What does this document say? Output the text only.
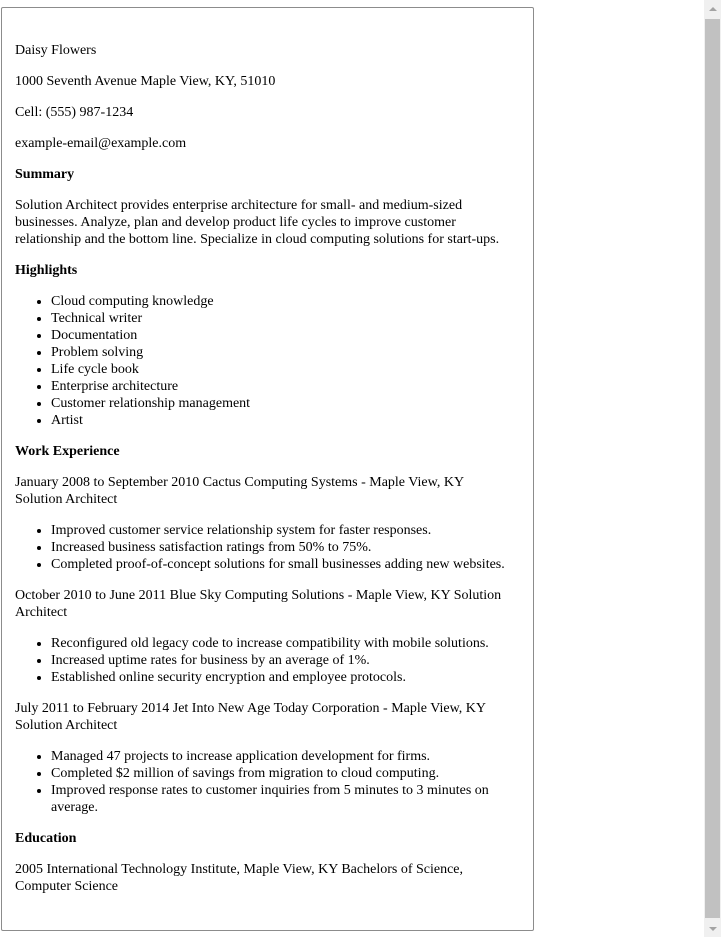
Daisy Flowers

1000 Seventh Avenue Maple View, KY, 51010

Cell: (555) 987-1234

example-email@example.com

Summary

Solution Architect provides enterprise architecture for small- and medium-sized businesses. Analyze, plan and develop product life cycles to improve customer relationship and the bottom line. Specialize in cloud computing solutions for start-ups.

Highlights
• Cloud computing knowledge
• Technical writer
• Documentation
• Problem solving
• Life cycle book
• Enterprise architecture
• Customer relationship management
• Artist
Work Experience
January 2008 to September 2010 Cactus Computing Systems - Maple View, KY
Solution Architect
• Improved customer service relationship system for faster responses.
• Increased business satisfaction ratings from 50% to 75%.
• Completed proof-of-concept solutions for small businesses adding new websites.
October 2010 to June 2011 Blue Sky Computing Solutions - Maple View, KY Solution Architect
• Reconfigured old legacy code to increase compatibility with mobile solutions.
• Increased uptime rates for business by an average of 1%.
• Established online security encryption and employee protocols.
July 2011 to February 2014 Jet Into New Age Today Corporation - Maple View, KY
Solution Architect
• Managed 47 projects to increase application development for firms.
• Completed $2 million of savings from migration to cloud computing.
• Improved response rates to customer inquiries from 5 minutes to 3 minutes on average.
Education

2005 International Technology Institute, Maple View, KY Bachelors of Science, Computer Science
